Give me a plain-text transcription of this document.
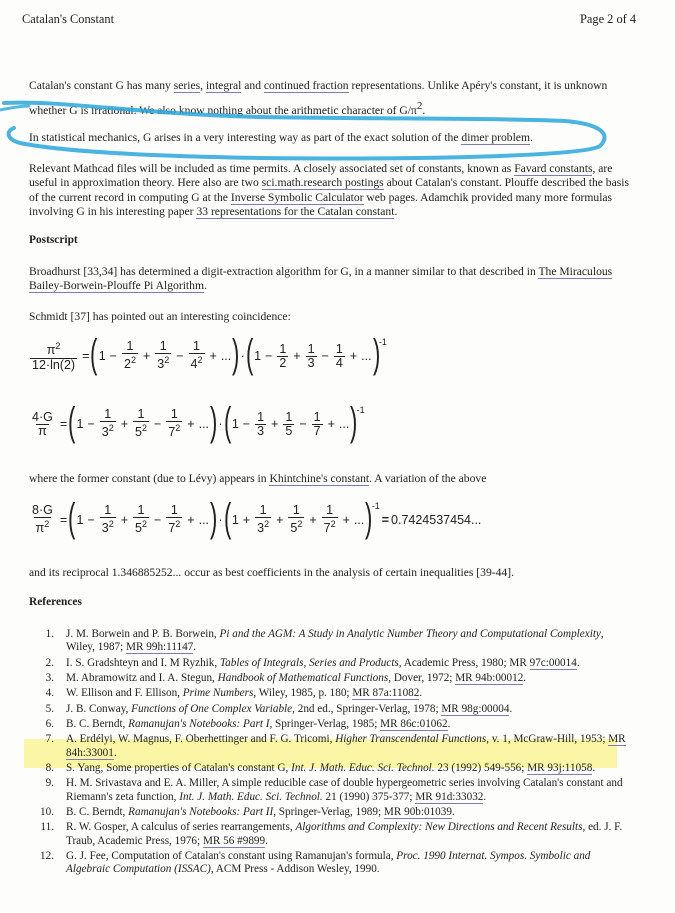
Catalan's Constant	Page 2 of 4

Catalan's constant G has many series, integral and continued fraction representations. Unlike Apéry's constant, it is unknown whether G is irrational. We also know nothing about the arithmetic character of $G/\pi^2$.

In statistical mechanics, G arises in a very interesting way as part of the exact solution of the dimer problem.

Relevant Mathcad files will be included as time permits. A closely associated set of constants, known as Favard constants, are useful in approximation theory. Here also are two sci.math.research postings about Catalan's constant. Plouffe described the basis of the current record in computing G at the Inverse Symbolic Calculator web pages. Adamchik provided many more formulas involving G in his interesting paper 33 representations for the Catalan constant.

Postscript

Broadhurst [33,34] has determined a digit-extraction algorithm for G, in a manner similar to that described in The Miraculous Bailey-Borwein-Plouffe Pi Algorithm.

Schmidt [37] has pointed out an interesting coincidence:

$\frac{\pi^2}{12\cdot\ln(2)}$ = ( $1 - \frac{1}{2^2} + \frac{1}{3^2} - \frac{1}{4^2}$ + ... ) · ( $1 - \frac{1}{2} + \frac{1}{3} - \frac{1}{4}$ + ... )
$^{-1}$
$\frac{4\cdot G}{\pi}$ = ( $1 - \frac{1}{3^2} + \frac{1}{5^2} - \frac{1}{7^2}$ + ... ) · ( $1 - \frac{1}{3} + \frac{1}{5} - \frac{1}{7}$ + ... )
$^{-1}$

where the former constant (due to Lévy) appears in Khintchine's constant. A variation of the above

$\frac{8\cdot G}{\pi^2}$ = ( $1 - \frac{1}{3^2} + \frac{1}{5^2} - \frac{1}{7^2}$ + ... ) · ( $1 + \frac{1}{3^2} + \frac{1}{5^2} + \frac{1}{7^2}$ + ... )
$^{-1}$
= 0.7424537454...

and its reciprocal 1.346885252... occur as best coefficients in the analysis of certain inequalities [39-44].

References
1. J. M. Borwein and P. B. Borwein, Pi and the AGM: A Study in Analytic Number Theory and Computational Complexity, Wiley, 1987; MR 99h:11147.
2. I. S. Gradshteyn and I. M Ryzhik, Tables of Integrals, Series and Products, Academic Press, 1980; MR 97c:00014.
3. M. Abramowitz and I. A. Stegun, Handbook of Mathematical Functions, Dover, 1972; MR 94b:00012.
4. W. Ellison and F. Ellison, Prime Numbers, Wiley, 1985, p. 180; MR 87a:11082.
5. J. B. Conway, Functions of One Complex Variable, 2nd ed., Springer-Verlag, 1978; MR 98g:00004.
6. B. C. Berndt, Ramanujan's Notebooks: Part I, Springer-Verlag, 1985; MR 86c:01062.
7. A. Erdélyi, W. Magnus, F. Oberhettinger and F. G. Tricomi, Higher Transcendental Functions, v. 1, McGraw-Hill, 1953; MR 84h:33001.
8. S. Yang, Some properties of Catalan's constant G, Int. J. Math. Educ. Sci. Technol. 23 (1992) 549-556; MR 93j:11058.
9. H. M. Srivastava and E. A. Miller, A simple reducible case of double hypergeometric series involving Catalan's constant and Riemann's zeta function, Int. J. Math. Educ. Sci. Technol. 21 (1990) 375-377; MR 91d:33032.
10. B. C. Berndt, Ramanujan's Notebooks: Part II, Springer-Verlag, 1989; MR 90b:01039.
11. R. W. Gosper, A calculus of series rearrangements, Algorithms and Complexity: New Directions and Recent Results, ed. J. F. Traub, Academic Press, 1976; MR 56 #9899.
12. G. J. Fee, Computation of Catalan's constant using Ramanujan's formula, Proc. 1990 Internat. Sympos. Symbolic and Algebraic Computation (ISSAC), ACM Press - Addison Wesley, 1990.
